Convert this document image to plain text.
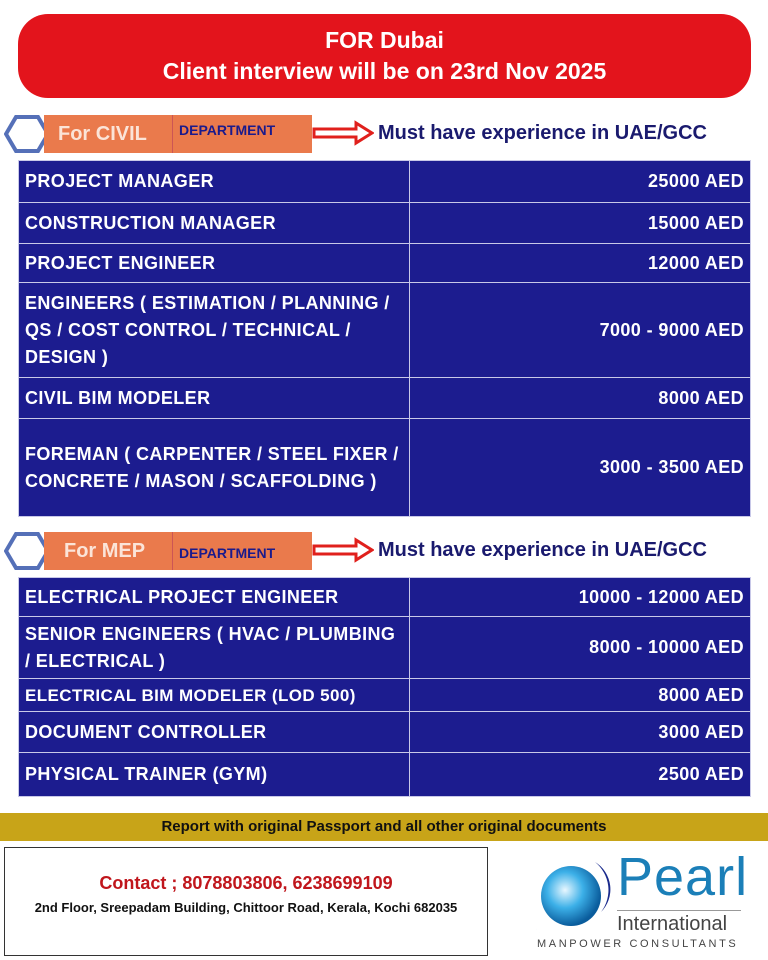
FOR Dubai
Client interview will be on 23rd Nov 2025
For CIVIL	DEPARTMENT	Must have experience in UAE/GCC
PROJECT MANAGER	25000 AED
CONSTRUCTION MANAGER	15000 AED
PROJECT ENGINEER	12000 AED
ENGINEERS ( ESTIMATION / PLANNING / QS / COST CONTROL / TECHNICAL / DESIGN )	7000 - 9000 AED
CIVIL BIM MODELER	8000 AED
FOREMAN ( CARPENTER / STEEL FIXER / CONCRETE / MASON / SCAFFOLDING )	3000 - 3500 AED
For MEP	DEPARTMENT	Must have experience in UAE/GCC
ELECTRICAL PROJECT ENGINEER	10000 - 12000 AED
SENIOR ENGINEERS ( HVAC / PLUMBING / ELECTRICAL )	8000 - 10000 AED
ELECTRICAL BIM MODELER (LOD 500)	8000 AED
DOCUMENT CONTROLLER	3000 AED
PHYSICAL TRAINER (GYM)	2500 AED
Report with original Passport and all other original documents
Contact ; 8078803806, 6238699109
2nd Floor, Sreepadam Building, Chittoor Road, Kerala, Kochi 682035
Pearl
International
MANPOWER CONSULTANTS
